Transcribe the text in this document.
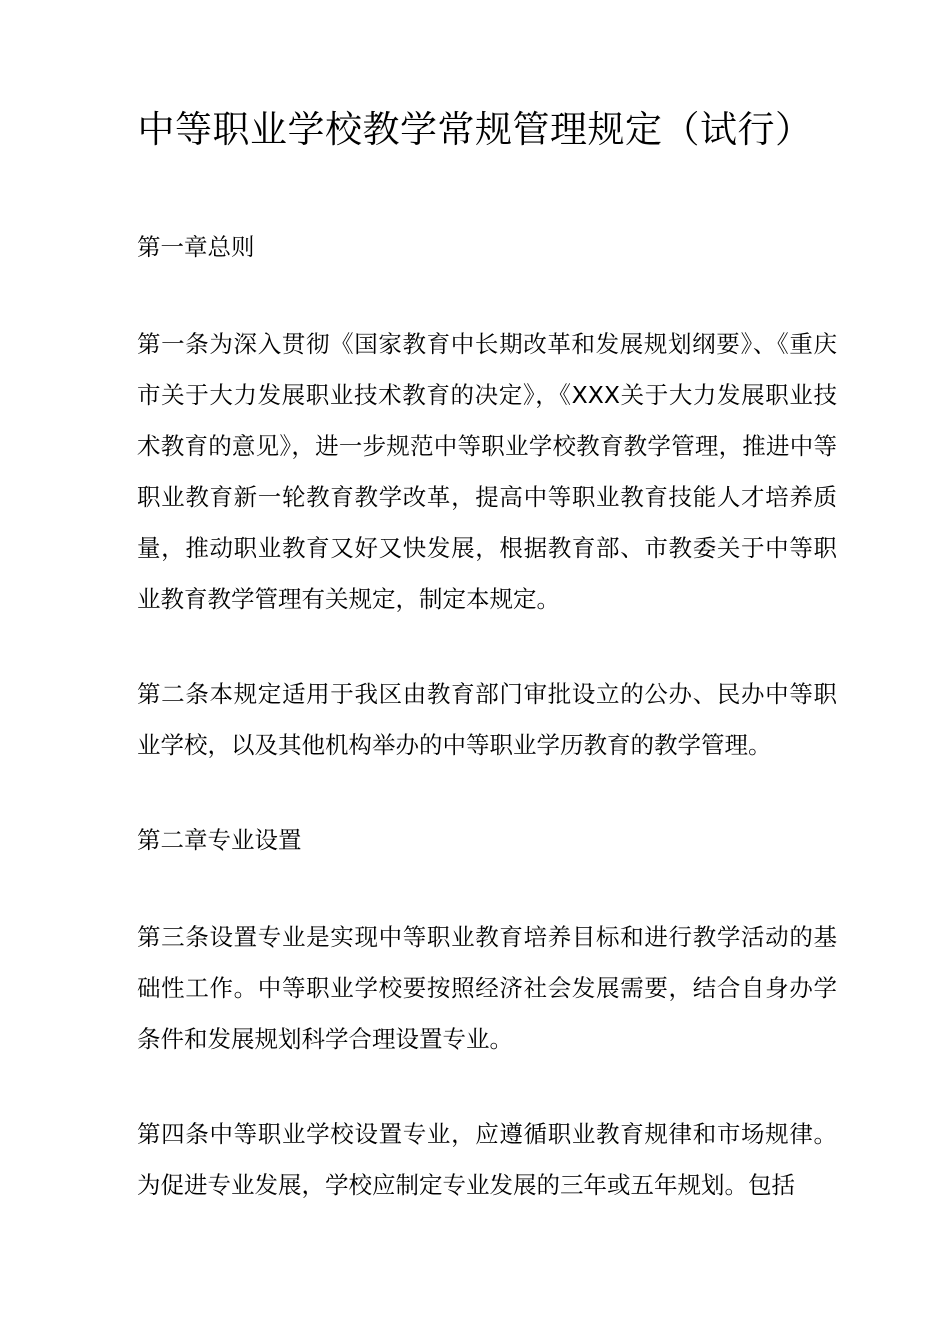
中等职业学校教学常规管理规定（试行）

第一章总则

第一条为深入贯彻《国家教育中长期改革和发展规划纲要》、《重庆市关于大力发展职业技术教育的决定》，《XXX关于大力发展职业技术教育的意见》，进一步规范中等职业学校教育教学管理，推进中等职业教育新一轮教育教学改革，提高中等职业教育技能人才培养质量，推动职业教育又好又快发展，根据教育部、市教委关于中等职业教育教学管理有关规定，制定本规定。

第二条本规定适用于我区由教育部门审批设立的公办、民办中等职业学校，以及其他机构举办的中等职业学历教育的教学管理。

第二章专业设置

第三条设置专业是实现中等职业教育培养目标和进行教学活动的基础性工作。中等职业学校要按照经济社会发展需要，结合自身办学条件和发展规划科学合理设置专业。

第四条中等职业学校设置专业，应遵循职业教育规律和市场规律。为促进专业发展，学校应制定专业发展的三年或五年规划。包括
